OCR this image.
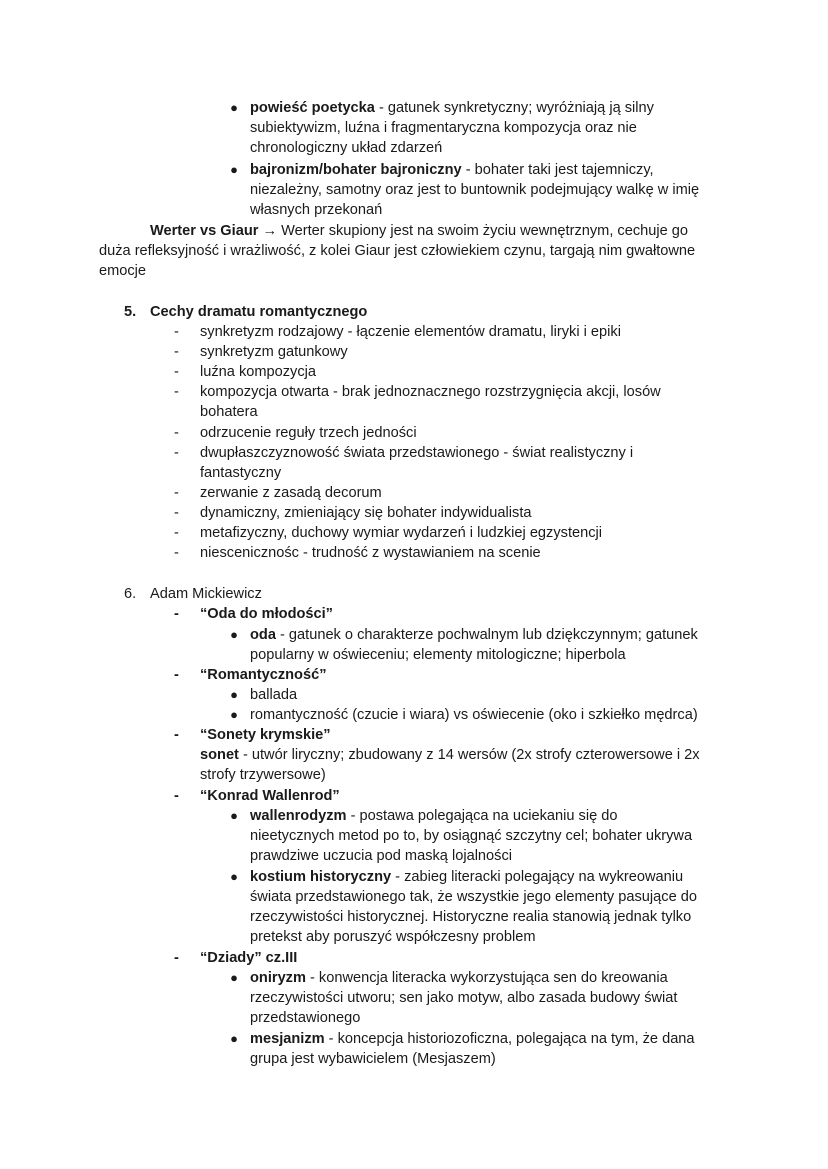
● powieść poetycka - gatunek synkretyczny; wyróżniają ją silny
subiektywizm, luźna i fragmentaryczna kompozycja oraz nie
chronologiczny układ zdarzeń
● bajronizm/bohater bajroniczny - bohater taki jest tajemniczy,
niezależny, samotny oraz jest to buntownik podejmujący walkę w imię
własnych przekonań
Werter vs Giaur → Werter skupiony jest na swoim życiu wewnętrznym, cechuje go
duża refleksyjność i wrażliwość, z kolei Giaur jest człowiekiem czynu, targają nim gwałtowne
emocje
5. Cechy dramatu romantycznego
- synkretyzm rodzajowy - łączenie elementów dramatu, liryki i epiki
- synkretyzm gatunkowy
- luźna kompozycja
- kompozycja otwarta - brak jednoznacznego rozstrzygnięcia akcji, losów
bohatera
- odrzucenie reguły trzech jedności
- dwupłaszczyznowość świata przedstawionego - świat realistyczny i
fantastyczny
- zerwanie z zasadą decorum
- dynamiczny, zmieniający się bohater indywidualista
- metafizyczny, duchowy wymiar wydarzeń i ludzkiej egzystencji
- niescenicznośc - trudność z wystawianiem na scenie
6. Adam Mickiewicz
- “Oda do młodości”
● oda - gatunek o charakterze pochwalnym lub dziękczynnym; gatunek
popularny w oświeceniu; elementy mitologiczne; hiperbola
- “Romantyczność”
● ballada
● romantyczność (czucie i wiara) vs oświecenie (oko i szkiełko mędrca)
- “Sonety krymskie”
sonet - utwór liryczny; zbudowany z 14 wersów (2x strofy czterowersowe i 2x
strofy trzywersowe)
- “Konrad Wallenrod”
● wallenrodyzm - postawa polegająca na uciekaniu się do
nieetycznych metod po to, by osiągnąć szczytny cel; bohater ukrywa
prawdziwe uczucia pod maską lojalności
● kostium historyczny - zabieg literacki polegający na wykreowaniu
świata przedstawionego tak, że wszystkie jego elementy pasujące do
rzeczywistości historycznej. Historyczne realia stanowią jednak tylko
pretekst aby poruszyć współczesny problem
- “Dziady” cz.III
● oniryzm - konwencja literacka wykorzystująca sen do kreowania
rzeczywistości utworu; sen jako motyw, albo zasada budowy świat
przedstawionego
● mesjanizm - koncepcja historiozoficzna, polegająca na tym, że dana
grupa jest wybawicielem (Mesjaszem)
